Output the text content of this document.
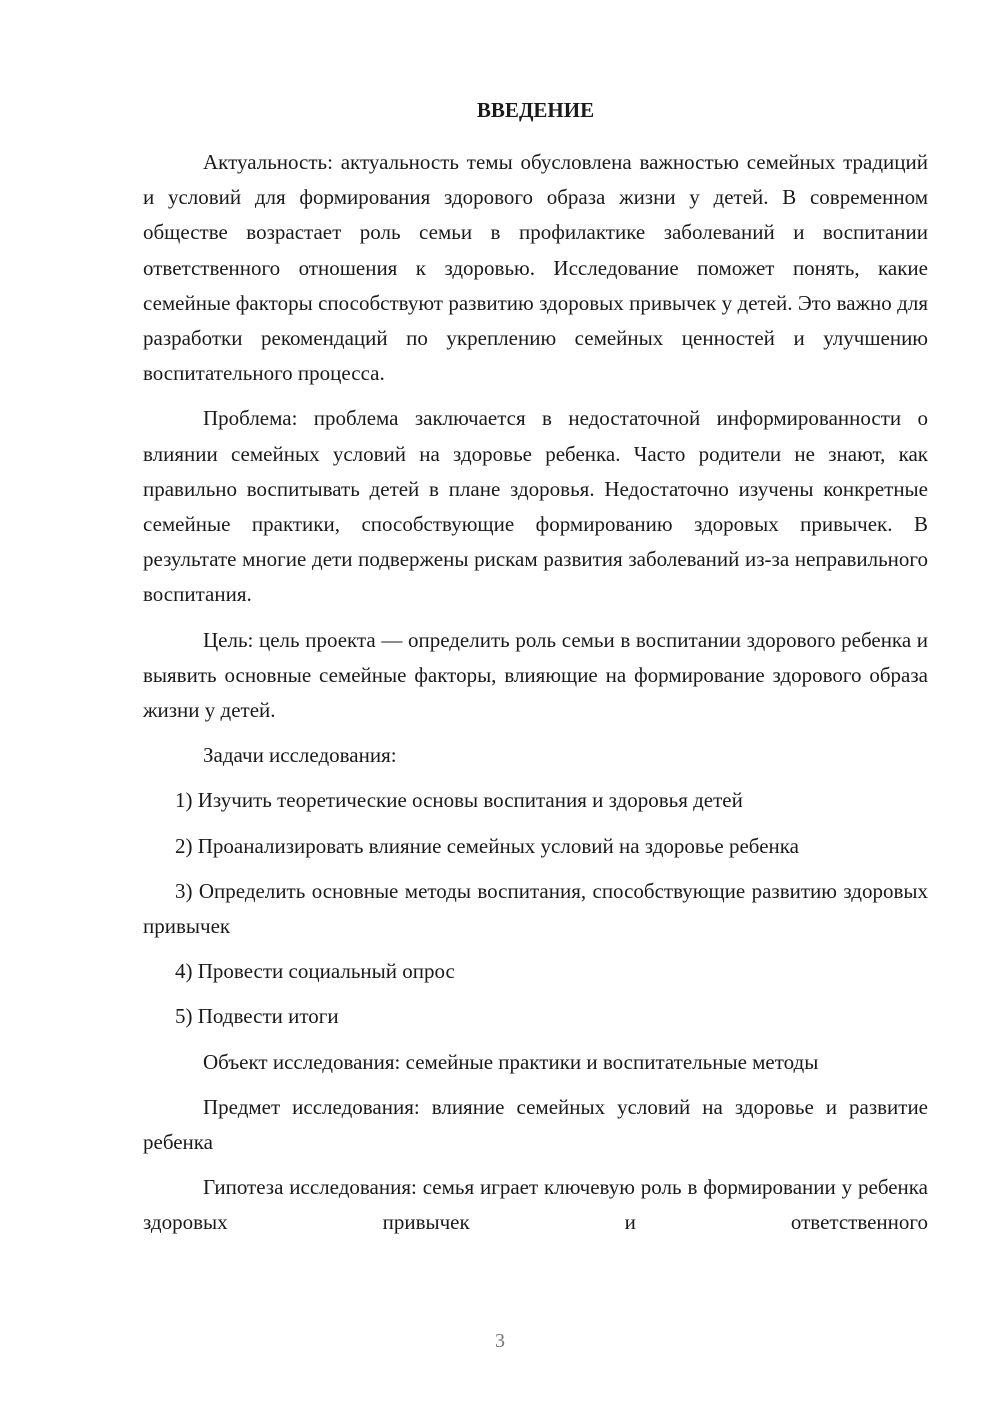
ВВЕДЕНИЕ

Актуальность: актуальность темы обусловлена важностью семейных традиций и условий для формирования здорового образа жизни у детей. В современном обществе возрастает роль семьи в профилактике заболеваний и воспитании ответственного отношения к здоровью. Исследование поможет понять, какие семейные факторы способствуют развитию здоровых привычек у детей. Это важно для разработки рекомендаций по укреплению семейных ценностей и улучшению воспитательного процесса.

Проблема: проблема заключается в недостаточной информированности о влиянии семейных условий на здоровье ребенка. Часто родители не знают, как правильно воспитывать детей в плане здоровья. Недостаточно изучены конкретные семейные практики, способствующие формированию здоровых привычек. В результате многие дети подвержены рискам развития заболеваний из-за неправильного воспитания.

Цель: цель проекта — определить роль семьи в воспитании здорового ребенка и выявить основные семейные факторы, влияющие на формирование здорового образа жизни у детей.

Задачи исследования:

1) Изучить теоретические основы воспитания и здоровья детей

2) Проанализировать влияние семейных условий на здоровье ребенка

3) Определить основные методы воспитания, способствующие развитию здоровых привычек

4) Провести социальный опрос

5) Подвести итоги

Объект исследования: семейные практики и воспитательные методы

Предмет исследования: влияние семейных условий на здоровье и развитие ребенка

Гипотеза исследования: семья играет ключевую роль в формировании у ребенка здоровых привычек и ответственного

3
